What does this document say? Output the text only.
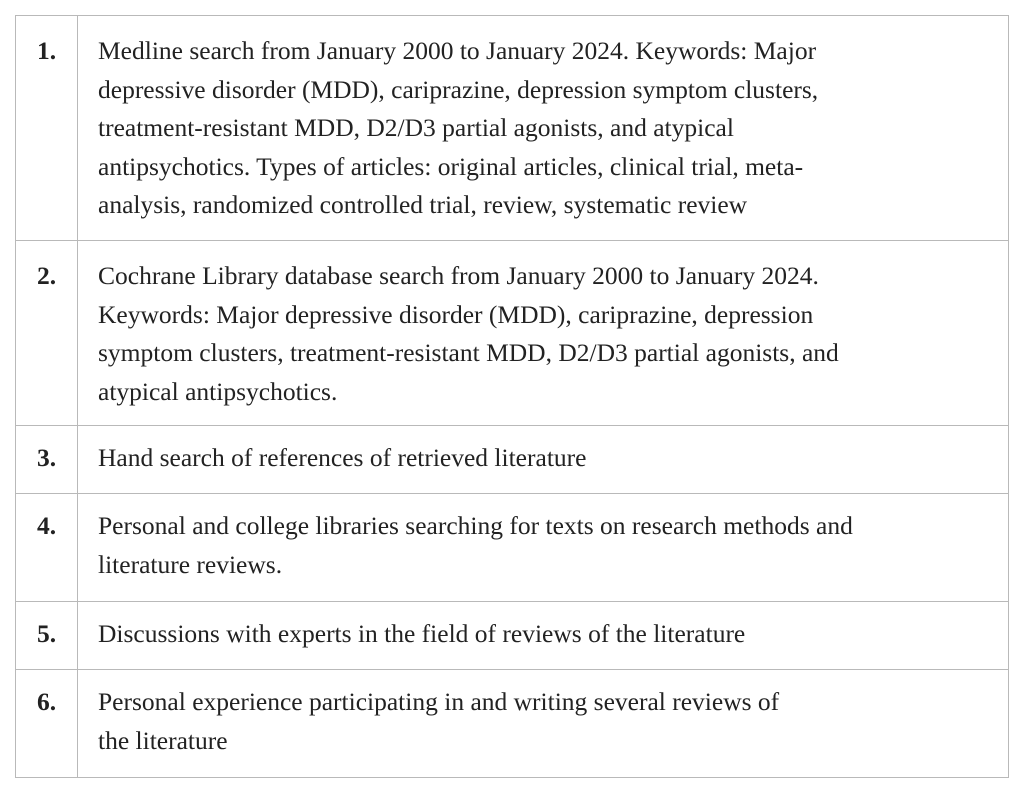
1.	Medline search from January 2000 to January 2024. Keywords: Major
depressive disorder (MDD), cariprazine, depression symptom clusters,
treatment-resistant MDD, D2/D3 partial agonists, and atypical
antipsychotics. Types of articles: original articles, clinical trial, meta-
analysis, randomized controlled trial, review, systematic review

2.	Cochrane Library database search from January 2000 to January 2024.
Keywords: Major depressive disorder (MDD), cariprazine, depression
symptom clusters, treatment-resistant MDD, D2/D3 partial agonists, and
atypical antipsychotics.

3.	Hand search of references of retrieved literature

4.	Personal and college libraries searching for texts on research methods and
literature reviews.

5.	Discussions with experts in the field of reviews of the literature

6.	Personal experience participating in and writing several reviews of
the literature
